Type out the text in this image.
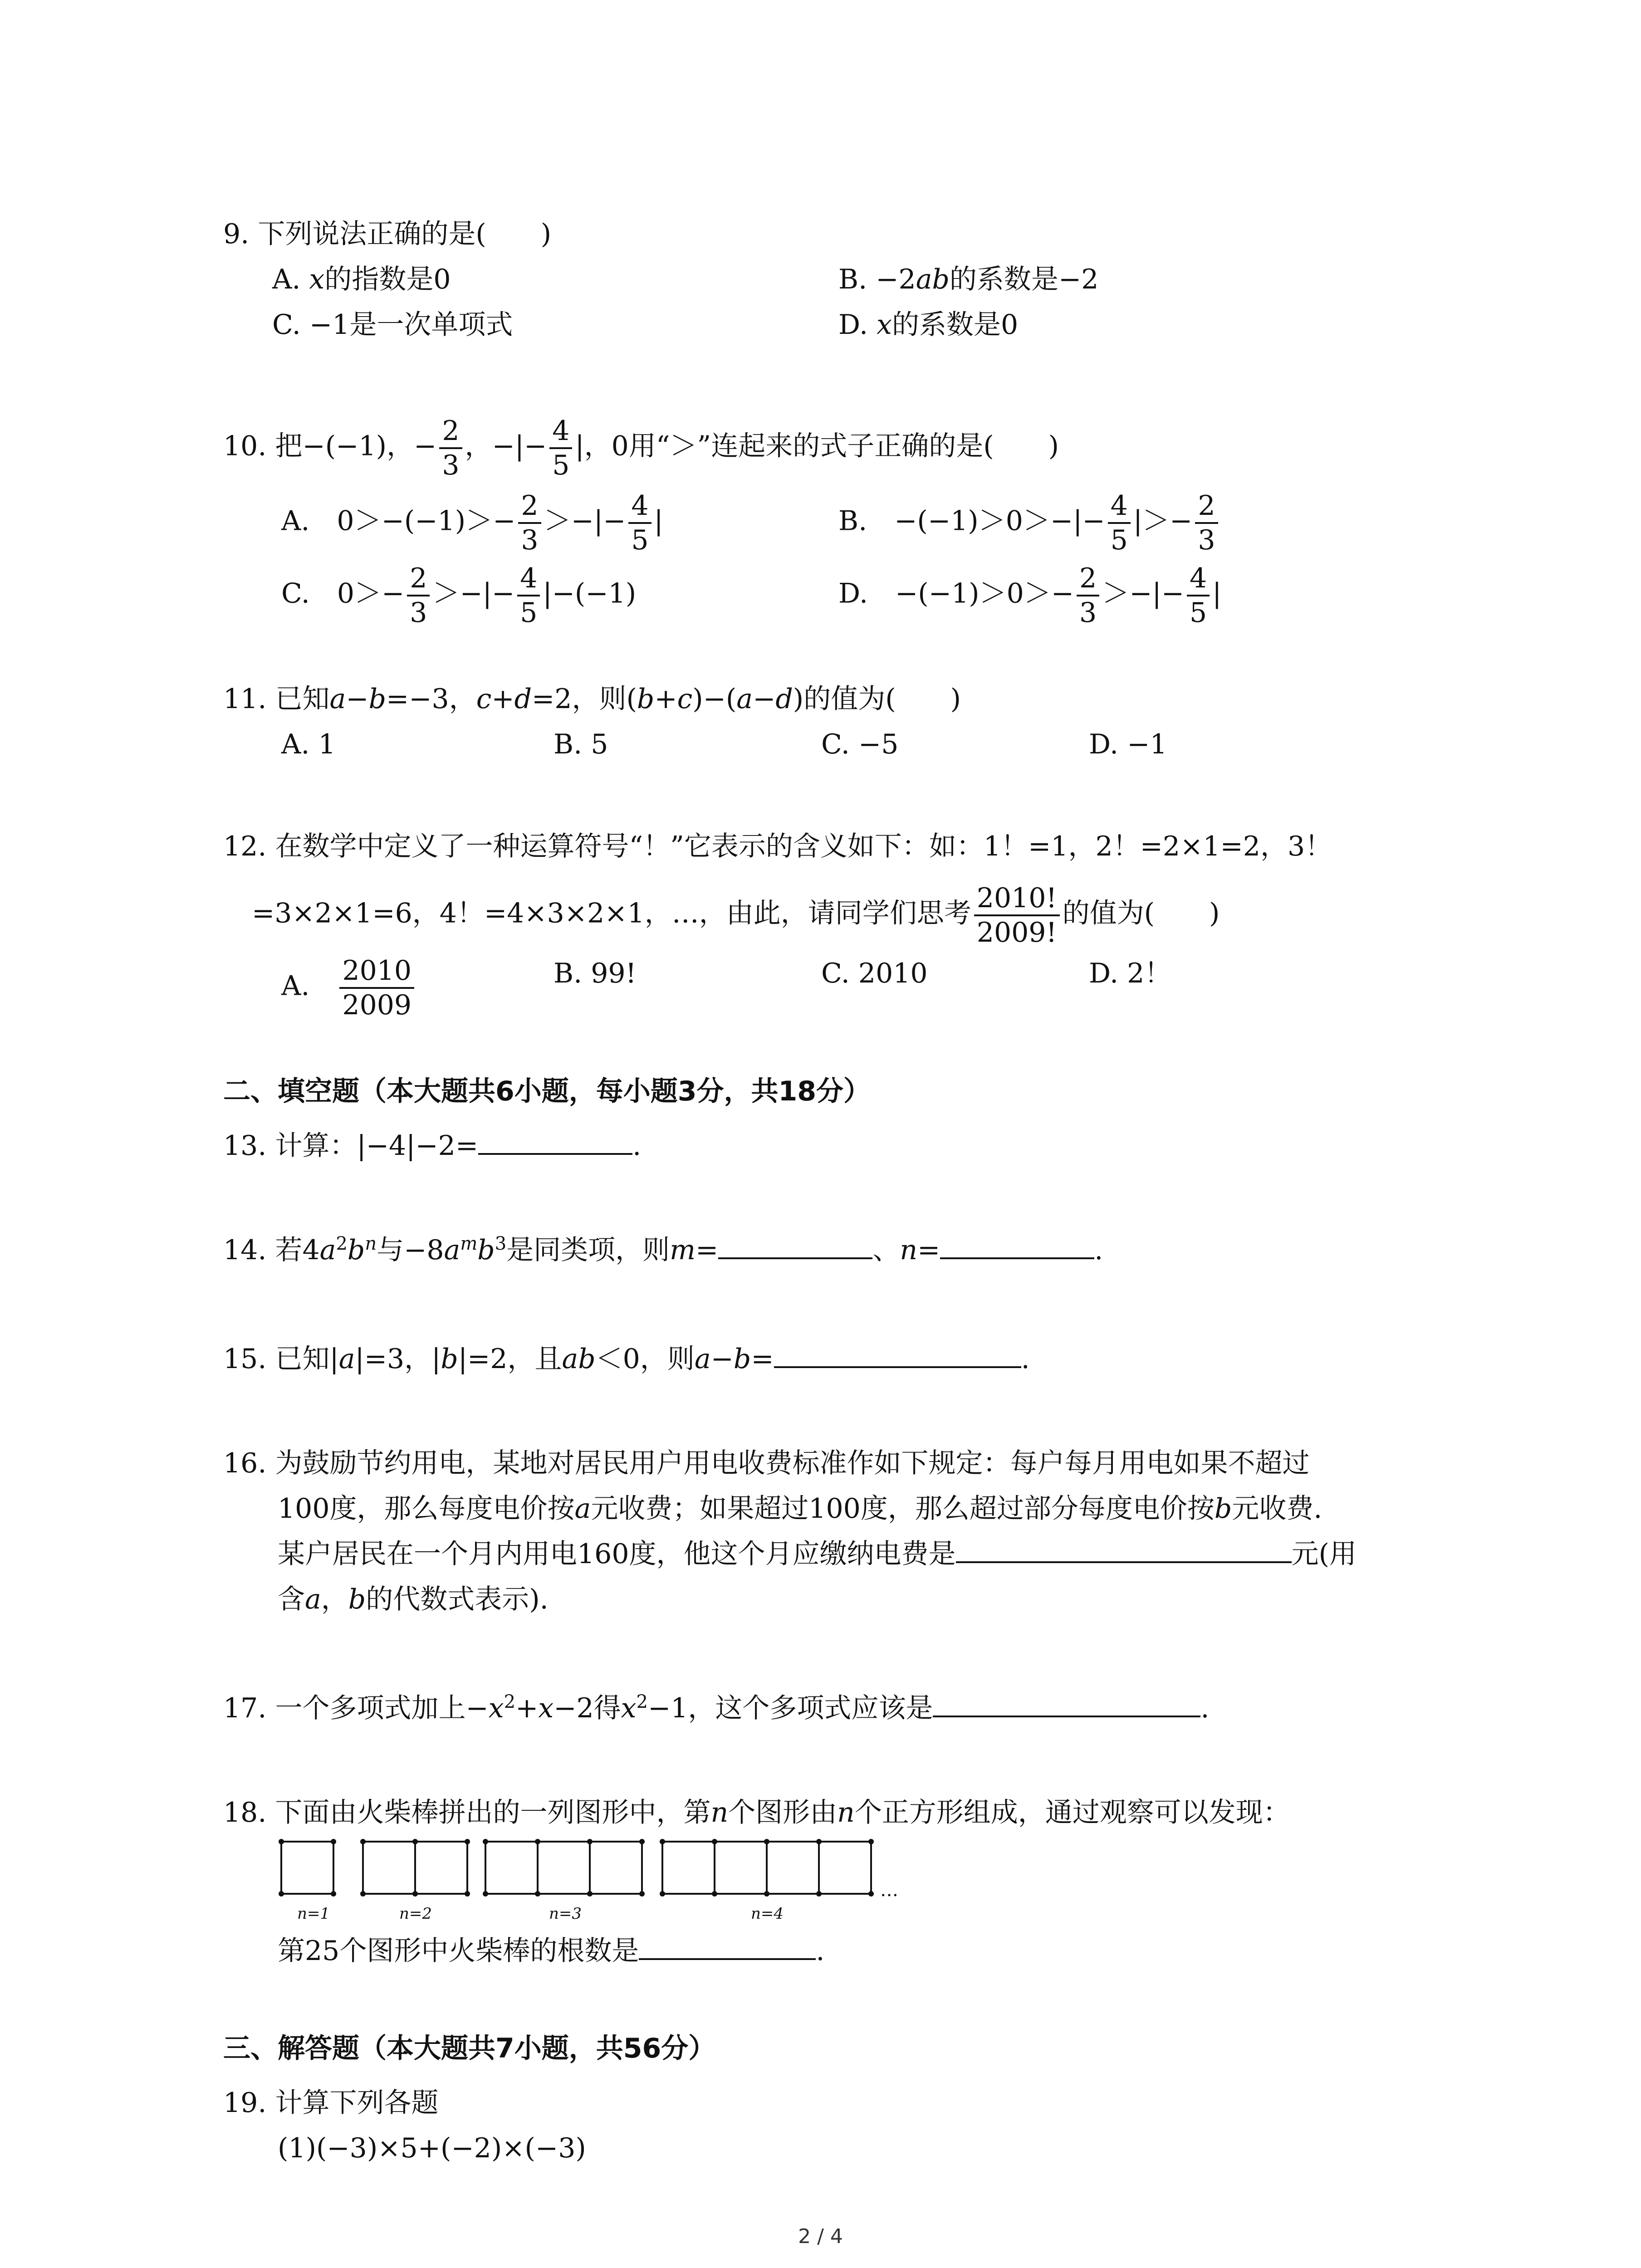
9. 下列说法正确的是(　　)
A. x的指数是0	B. −2ab的系数是−2
C. −1是一次单项式	D. x的系数是0
10. 把−(−1)，− $\frac{2}{3}$ ，−|− $\frac{4}{5}$ |，0用“＞”连起来的式子正确的是(　　)
A.　$0>-(-1)>- \frac{2}{3}$ ＞−|− $\frac{4}{5}$ |	B.　$-(-1)>0>-|- \frac{4}{5}$ |＞− $\frac{2}{3}$
C.　$0>- \frac{2}{3}$ ＞−|− $\frac{4}{5} |-(-1)$	D.　$-(-1)>0>- \frac{2}{3}$ ＞−|− $\frac{4}{5}$ |
11. 已知a−b=−3，c+d=2，则(b+c)−(a−d)的值为(　　)
A. 1	B. 5	C. −5	D. −1
12. 在数学中定义了一种运算符号“！”它表示的含义如下：如：1！=1，2！=2×1=2，3！
=3×2×1=6，4！=4×3×2×1，…，由此，请同学们思考 $\frac{2010!}{2009!}$ 的值为(　　)
A.　 $\frac{2010}{2009}$	B. 99!	C. 2010	D. 2！
二、填空题（本大题共6小题，每小题3分，共18分）
13. 计算：|−4|−2=	.
14. 若$4a^2b^n$与$-8a^mb^3$是同类项，则m=	、n=	.
15. 已知|a|=3，|b|=2，且ab＜0，则a−b=	.
16. 为鼓励节约用电，某地对居民用户用电收费标准作如下规定：每户每月用电如果不超过
100度，那么每度电价按a元收费；如果超过100度，那么超过部分每度电价按b元收费.
某户居民在一个月内用电160度，他这个月应缴纳电费是	元(用
含a，b的代数式表示).
17. 一个多项式加上$-x^2+x-2$得$x^2-1$，这个多项式应该是	.
18. 下面由火柴棒拼出的一列图形中，第n个图形由n个正方形组成，通过观察可以发现：
n=1	n=2	n=3	n=4
…
第25个图形中火柴棒的根数是	.
三、解答题（本大题共7小题，共56分）
19. 计算下列各题
(1)(−3)×5+(−2)×(−3)
2 / 4
